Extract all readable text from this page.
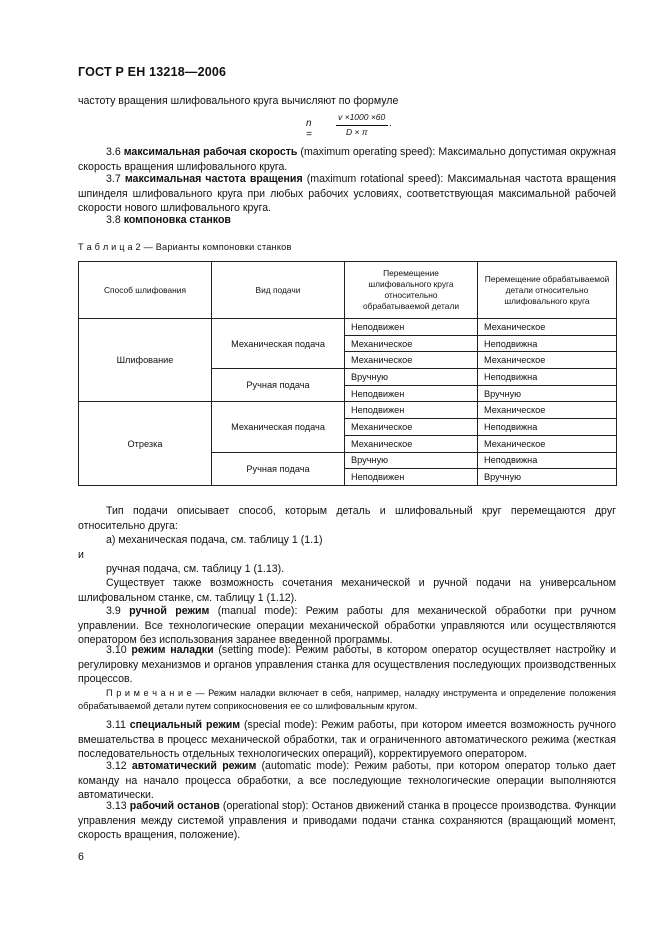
ГОСТ Р ЕН 13218—2006
частоту вращения шлифовального круга вычисляют по формуле
n =
v ×1000 ×60
D × π
.
3.6 максимальная рабочая скорость (maximum operating speed): Максимально допустимая окружная скорость вращения шлифовального круга.
3.7 максимальная частота вращения (maximum rotational speed): Максимальная частота вращения шпинделя шлифовального круга при любых рабочих условиях, соответствующая максимальной рабочей скорости нового шлифовального круга.
3.8 компоновка станков
Т а б л и ц а 2 — Варианты компоновки станков
Способ шлифования	Вид подачи	Перемещение шлифовального круга относительно обрабатываемой детали	Перемещение обрабатываемой детали относительно шлифовального круга
Шлифование	Механическая подача	Неподвижен	Механическое
		Механическое	Неподвижна
		Механическое	Механическое
	Ручная подача	Вручную	Неподвижна
		Неподвижен	Вручную
Отрезка	Механическая подача	Неподвижен	Механическое
		Механическое	Неподвижна
		Механическое	Механическое
	Ручная подача	Вручную	Неподвижна
		Неподвижен	Вручную
Тип подачи описывает способ, которым деталь и шлифовальный круг перемещаются друг относительно друга:
а) механическая подача, см. таблицу 1 (1.1)
и
ручная подача, см. таблицу 1 (1.13).
Существует также возможность сочетания механической и ручной подачи на универсальном шлифовальном станке, см. таблицу 1 (1.12).
3.9 ручной режим (manual mode): Режим работы для механической обработки при ручном управлении. Все технологические операции механической обработки управляются или осуществляются оператором без использования заранее введенной программы.
3.10 режим наладки (setting mode): Режим работы, в котором оператор осуществляет настройку и регулировку механизмов и органов управления станка для осуществления последующих производственных процессов.
П р и м е ч а н и е — Режим наладки включает в себя, например, наладку инструмента и определение положения обрабатываемой детали путем соприкосновения ее со шлифовальным кругом.
3.11 специальный режим (special mode): Режим работы, при котором имеется возможность ручного вмешательства в процесс механической обработки, так и ограниченного автоматического режима (жесткая последовательность отдельных технологических операций), корректируемого оператором.
3.12 автоматический режим (automatic mode): Режим работы, при котором оператор только дает команду на начало процесса обработки, а все последующие технологические операции выполняются автоматически.
3.13 рабочий останов (operational stop): Останов движений станка в процессе производства. Функции управления между системой управления и приводами подачи станка сохраняются (вращающий момент, скорость вращения, положение).
6
